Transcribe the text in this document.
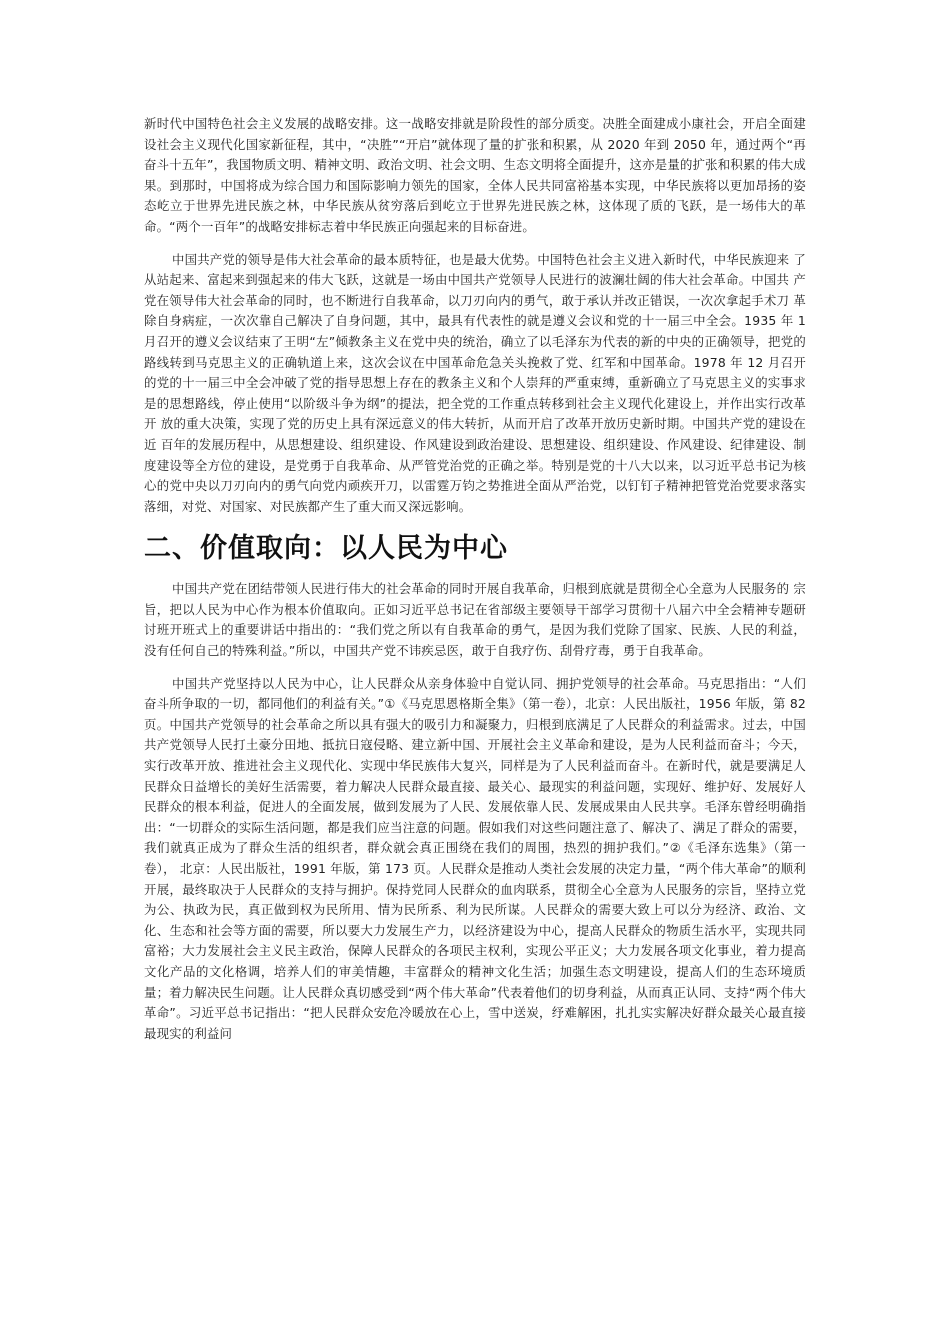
新时代中国特色社会主义发展的战略安排。这一战略安排就是阶段性的部分质变。决胜全面建成小康社会，开启全面建设社会主义现代化国家新征程，其中，“决胜”“开启”就体现了量的扩张和积累，从 2020 年到 2050 年，通过两个“再奋斗十五年”，我国物质文明、精神文明、政治文明、社会文明、生态文明将全面提升，这亦是量的扩张和积累的伟大成果。到那时，中国将成为综合国力和国际影响力领先的国家，全体人民共同富裕基本实现，中华民族将以更加昂扬的姿态屹立于世界先进民族之林，中华民族从贫穷落后到屹立于世界先进民族之林，这体现了质的飞跃，是一场伟大的革命。“两个一百年”的战略安排标志着中华民族正向强起来的目标奋进。

中国共产党的领导是伟大社会革命的最本质特征，也是最大优势。中国特色社会主义进入新时代，中华民族迎来 了从站起来、富起来到强起来的伟大飞跃，这就是一场由中国共产党领导人民进行的波澜壮阔的伟大社会革命。中国共 产党在领导伟大社会革命的同时，也不断进行自我革命，以刀刃向内的勇气，敢于承认并改正错误，一次次拿起手术刀 革除自身病症，一次次靠自己解决了自身问题，其中，最具有代表性的就是遵义会议和党的十一届三中全会。1935 年 1 月召开的遵义会议结束了王明“左”倾教条主义在党中央的统治，确立了以毛泽东为代表的新的中央的正确领导，把党的路线转到马克思主义的正确轨道上来，这次会议在中国革命危急关头挽救了党、红军和中国革命。1978 年 12 月召开的党的十一届三中全会冲破了党的指导思想上存在的教条主义和个人崇拜的严重束缚，重新确立了马克思主义的实事求是的思想路线，停止使用“以阶级斗争为纲”的提法，把全党的工作重点转移到社会主义现代化建设上，并作出实行改革开 放的重大决策，实现了党的历史上具有深远意义的伟大转折，从而开启了改革开放历史新时期。中国共产党的建设在近 百年的发展历程中，从思想建设、组织建设、作风建设到政治建设、思想建设、组织建设、作风建设、纪律建设、制度建设等全方位的建设，是党勇于自我革命、从严管党治党的正确之举。特别是党的十八大以来，以习近平总书记为核心的党中央以刀刃向内的勇气向党内顽疾开刀，以雷霆万钧之势推进全面从严治党，以钉钉子精神把管党治党要求落实落细，对党、对国家、对民族都产生了重大而又深远影响。

二、价值取向：以人民为中心

中国共产党在团结带领人民进行伟大的社会革命的同时开展自我革命，归根到底就是贯彻全心全意为人民服务的 宗旨，把以人民为中心作为根本价值取向。正如习近平总书记在省部级主要领导干部学习贯彻十八届六中全会精神专题研讨班开班式上的重要讲话中指出的：“我们党之所以有自我革命的勇气，是因为我们党除了国家、民族、人民的利益， 没有任何自己的特殊利益。”所以，中国共产党不讳疾忌医，敢于自我疗伤、刮骨疗毒，勇于自我革命。

中国共产党坚持以人民为中心，让人民群众从亲身体验中自觉认同、拥护党领导的社会革命。马克思指出：“人们奋斗所争取的一切，都同他们的利益有关。”①《马克思恩格斯全集》（第一卷），北京：人民出版社，1956 年版，第 82 页。中国共产党领导的社会革命之所以具有强大的吸引力和凝聚力，归根到底满足了人民群众的利益需求。过去，中国共产党领导人民打土豪分田地、抵抗日寇侵略、建立新中国、开展社会主义革命和建设，是为人民利益而奋斗；今天， 实行改革开放、推进社会主义现代化、实现中华民族伟大复兴，同样是为了人民利益而奋斗。在新时代，就是要满足人民群众日益增长的美好生活需要，着力解决人民群众最直接、最关心、最现实的利益问题，实现好、维护好、发展好人民群众的根本利益，促进人的全面发展，做到发展为了人民、发展依靠人民、发展成果由人民共享。毛泽东曾经明确指出：“一切群众的实际生活问题，都是我们应当注意的问题。假如我们对这些问题注意了、解决了、满足了群众的需要， 我们就真正成为了群众生活的组织者，群众就会真正围绕在我们的周围，热烈的拥护我们。”②《毛泽东选集》（第一卷）， 北京：人民出版社，1991 年版，第 173 页。人民群众是推动人类社会发展的决定力量，“两个伟大革命”的顺利开展，最终取决于人民群众的支持与拥护。保持党同人民群众的血肉联系，贯彻全心全意为人民服务的宗旨，坚持立党为公、执政为民，真正做到权为民所用、情为民所系、利为民所谋。人民群众的需要大致上可以分为经济、政治、文化、生态和社会等方面的需要，所以要大力发展生产力，以经济建设为中心，提高人民群众的物质生活水平，实现共同富裕；大力发展社会主义民主政治，保障人民群众的各项民主权利，实现公平正义；大力发展各项文化事业，着力提高文化产品的文化格调，培养人们的审美情趣，丰富群众的精神文化生活；加强生态文明建设，提高人们的生态环境质量；着力解决民生问题。让人民群众真切感受到“两个伟大革命”代表着他们的切身利益，从而真正认同、支持“两个伟大革命”。习近平总书记指出：“把人民群众安危冷暖放在心上，雪中送炭，纾难解困，扎扎实实解决好群众最关心最直接最现实的利益问
